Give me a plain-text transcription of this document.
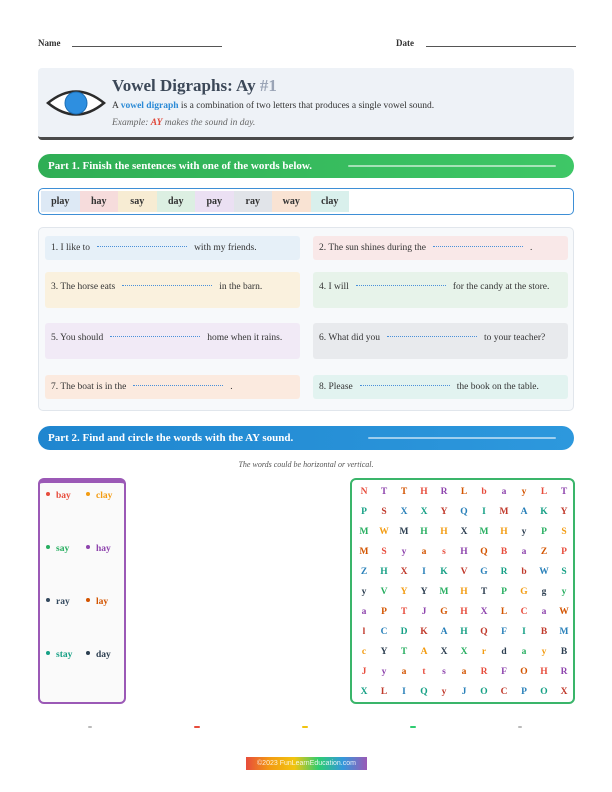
Name	Date
Vowel Digraphs: Ay #1
A vowel digraph is a combination of two letters that produces a single vowel sound.
Example: AY makes the sound in day.
Part 1. Finish the sentences with one of the words below.
play	hay	say	day	pay	ray	way	clay
1. I like to	with my friends.	2. The sun shines during the	.
3. The horse eats	in the barn.	4. I will	for the candy at the store.
5. You should	home when it rains.	6. What did you	to your teacher?
7. The boat is in the	.	8. Please	the book on the table.
Part 2. Find and circle the words with the AY sound.
The words could be horizontal or vertical.
bay	clay
say	hay
ray	lay
stay	day
N	T	T	H	R	L	b	a	y	L	T
P	S	X	X	Y	Q	I	M	A	K	Y
M	W	M	H	H	X	M	H	y	P	S
M	S	y	a	s	H	Q	B	a	Z	P
Z	H	X	I	K	V	G	R	b	W	S
y	V	Y	Y	M	H	T	P	G	g	y
a	P	T	J	G	H	X	L	C	a	W
l	C	D	K	A	H	Q	F	I	B	M
c	Y	T	A	X	X	r	d	a	y	B
J	y	a	t	s	a	R	F	O	H	R
X	L	I	Q	y	J	O	C	P	O	X
©2023 FunLearnEducation.com
